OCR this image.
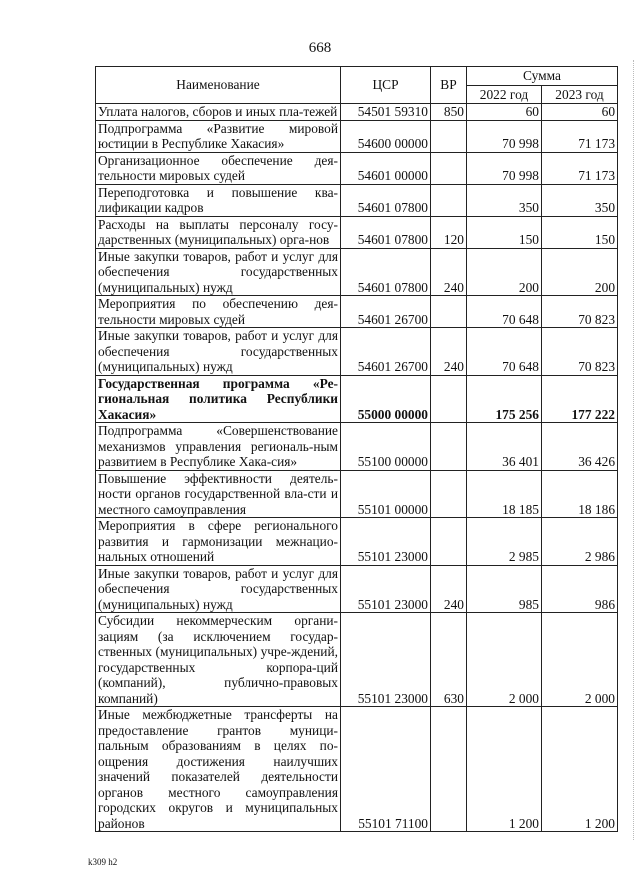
668
Наименование	ЦСР	ВР	Сумма	
			2022 год	2023 год
Уплата налогов, сборов и иных пла-тежей	54501 59310	850	60	60
Подпрограмма «Развитие мировой юстиции в Республике Хакасия»	54600 00000		70 998	71 173
Организационное обеспечение дея-тельности мировых судей	54601 00000		70 998	71 173
Переподготовка и повышение ква-лификации кадров	54601 07800		350	350
Расходы на выплаты персоналу госу-дарственных (муниципальных) орга-нов	54601 07800	120	150	150
Иные закупки товаров, работ и услуг для обеспечения государственных (муниципальных) нужд	54601 07800	240	200	200
Мероприятия по обеспечению дея-тельности мировых судей	54601 26700		70 648	70 823
Иные закупки товаров, работ и услуг для обеспечения государственных (муниципальных) нужд	54601 26700	240	70 648	70 823
Государственная программа «Ре-гиональная политика Республики Хакасия»	55000 00000		175 256	177 222
Подпрограмма «Совершенствование механизмов управления региональ-ным развитием в Республике Хака-сия»	55100 00000		36 401	36 426
Повышение эффективности деятель-ности органов государственной вла-сти и местного самоуправления	55101 00000		18 185	18 186
Мероприятия в сфере регионального развития и гармонизации межнацио-нальных отношений	55101 23000		2 985	2 986
Иные закупки товаров, работ и услуг для обеспечения государственных (муниципальных) нужд	55101 23000	240	985	986
Субсидии некоммерческим органи-зациям (за исключением государ-ственных (муниципальных) учре-ждений, государственных корпора-ций (компаний), публично-правовых компаний)	55101 23000	630	2 000	2 000
Иные межбюджетные трансферты на предоставление грантов муници-пальным образованиям в целях по-ощрения достижения наилучших значений показателей деятельности органов местного самоуправления городских округов и муниципальных районов	55101 71100		1 200	1 200
k309 h2
